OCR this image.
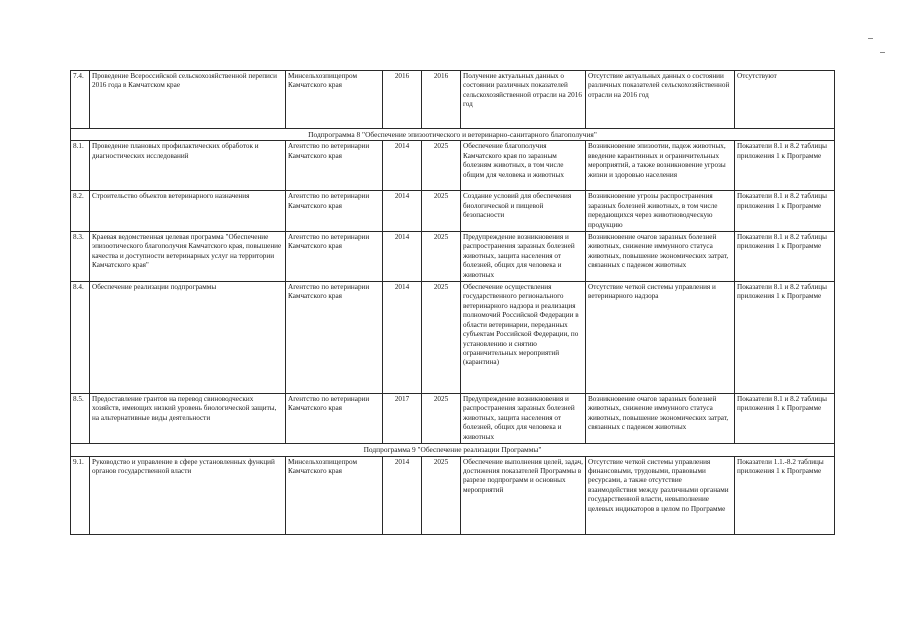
7.4.	Проведение Всероссийской сельскохозяйственной переписи 2016 года в Камчатском крае	Минсельхозпищепром Камчатского края	2016	2016	Получение актуальных данных о состоянии различных показателей сельскохозяйственной отрасли на 2016 год	Отсутствие актуальных данных о состоянии различных показателей сельскохозяйственной отрасли на 2016 год	Отсутствуют
Подпрограмма 8 "Обеспечение эпизоотического и ветеринарно-санитарного благополучия"							
8.1.	Проведение плановых профилактических обработок и диагностических исследований	Агентство по ветеринарии Камчатского края	2014	2025	Обеспечение благополучия Камчатского края по заразным болезням животных, в том числе общим для человека и животных	Возникновение эпизоотии, падеж животных, введение карантинных и ограничительных мероприятий, а также возникновение угрозы жизни и здоровью населения	Показатели 8.1 и 8.2 таблицы приложения 1 к Программе
8.2.	Строительство объектов ветеринарного назначения	Агентство по ветеринарии Камчатского края	2014	2025	Создание условий для обеспечения биологической и пищевой безопасности	Возникновение угрозы распространения заразных болезней животных, в том числе передающихся через животноводческую продукцию	Показатели 8.1 и 8.2 таблицы приложения 1 к Программе
8.3.	Краевая ведомственная целевая программа "Обеспечение эпизоотического благополучия Камчатского края, повышение качества и доступности ветеринарных услуг на территории Камчатского края"	Агентство по ветеринарии Камчатского края	2014	2025	Предупреждение возникновения и распространения заразных болезней животных, защита населения от болезней, общих для человека и животных	Возникновение очагов заразных болезней животных, снижение иммунного статуса животных, повышение экономических затрат, связанных с падежом животных	Показатели 8.1 и 8.2 таблицы приложения 1 к Программе
8.4.	Обеспечение реализации подпрограммы	Агентство по ветеринарии Камчатского края	2014	2025	Обеспечение осуществления государственного регионального ветеринарного надзора и реализация полномочий Российской Федерации в области ветеринарии, переданных субъектам Российской Федерации, по установлению и снятию ограничительных мероприятий (карантина)	Отсутствие четкой системы управления и ветеринарного надзора	Показатели 8.1 и 8.2 таблицы приложения 1 к Программе
8.5.	Предоставление грантов на перевод свиноводческих хозяйств, имеющих низкий уровень биологической защиты, на альтернативные виды деятельности	Агентство по ветеринарии Камчатского края	2017	2025	Предупреждение возникновения и распространения заразных болезней животных, защита населения от болезней, общих для человека и животных	Возникновение очагов заразных болезней животных, снижение иммунного статуса животных, повышение экономических затрат, связанных с падежом животных	Показатели 8.1 и 8.2 таблицы приложения 1 к Программе
Подпрограмма 9 "Обеспечение реализации Программы"							
9.1.	Руководство и управление в сфере установленных функций органов государственной власти	Минсельхозпищепром Камчатского края	2014	2025	Обеспечение выполнения целей, задач, достижения показателей Программы в разрезе подпрограмм и основных мероприятий	Отсутствие четкой системы управления финансовыми, трудовыми, правовыми ресурсами, а также отсутствие взаимодействия между различными органами государственной власти, невыполнение целевых индикаторов в целом по Программе	Показатели 1.1.-8.2 таблицы приложения 1 к Программе
